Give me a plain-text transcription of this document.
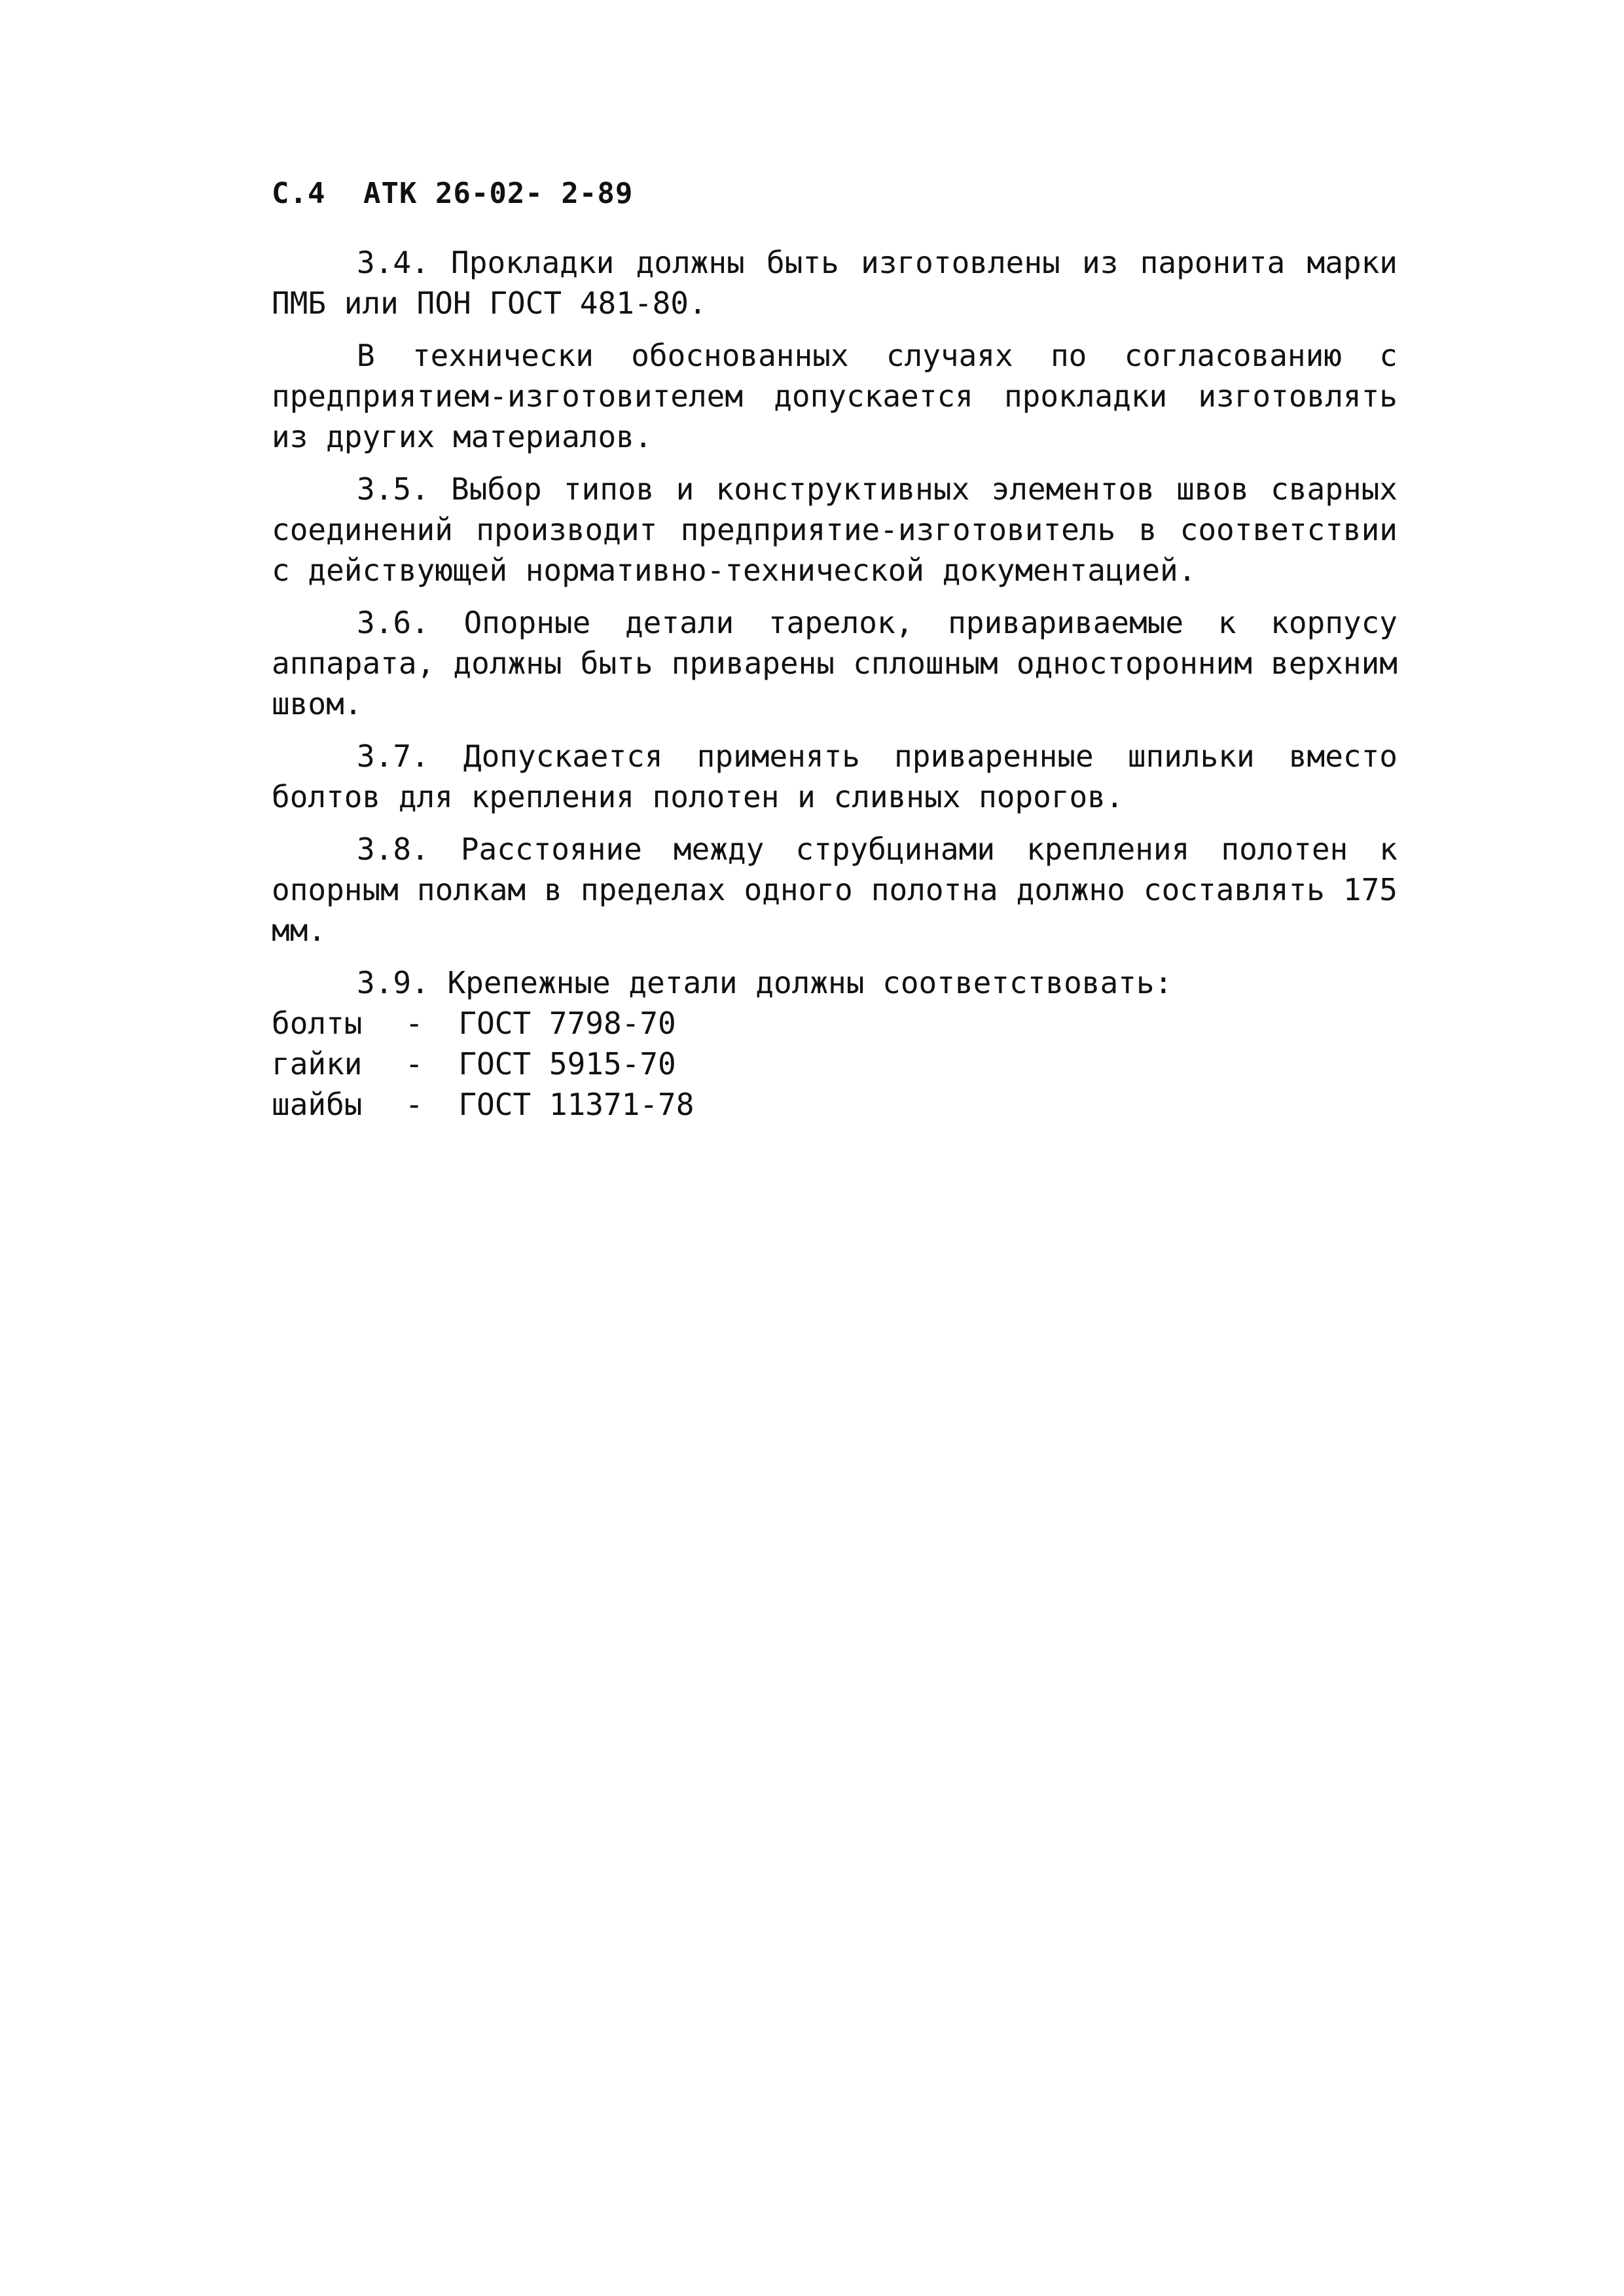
С.4 АТК 26-02- 2-89

3.4. Прокладки должны быть изготовлены из паронита марки ПМБ или ПОН ГОСТ 481-80.

В технически обоснованных случаях по согласованию с предприятием-изготовителем допускается прокладки изготовлять из других материалов.

3.5. Выбор типов и конструктивных элементов швов сварных соединений производит предприятие-изготовитель в соответствии с действующей нормативно-технической документацией.

3.6. Опорные детали тарелок, привариваемые к корпусу аппарата, должны быть приварены сплошным односторонним верхним швом.

3.7. Допускается применять приваренные шпильки вместо болтов для крепления полотен и сливных порогов.

3.8. Расстояние между струбцинами крепления полотен к опорным полкам в пределах одного полотна должно составлять 175 мм.

3.9. Крепежные детали должны соответствовать:

болты - ГОСТ 7798-70
гайки - ГОСТ 5915-70
шайбы - ГОСТ 11371-78
